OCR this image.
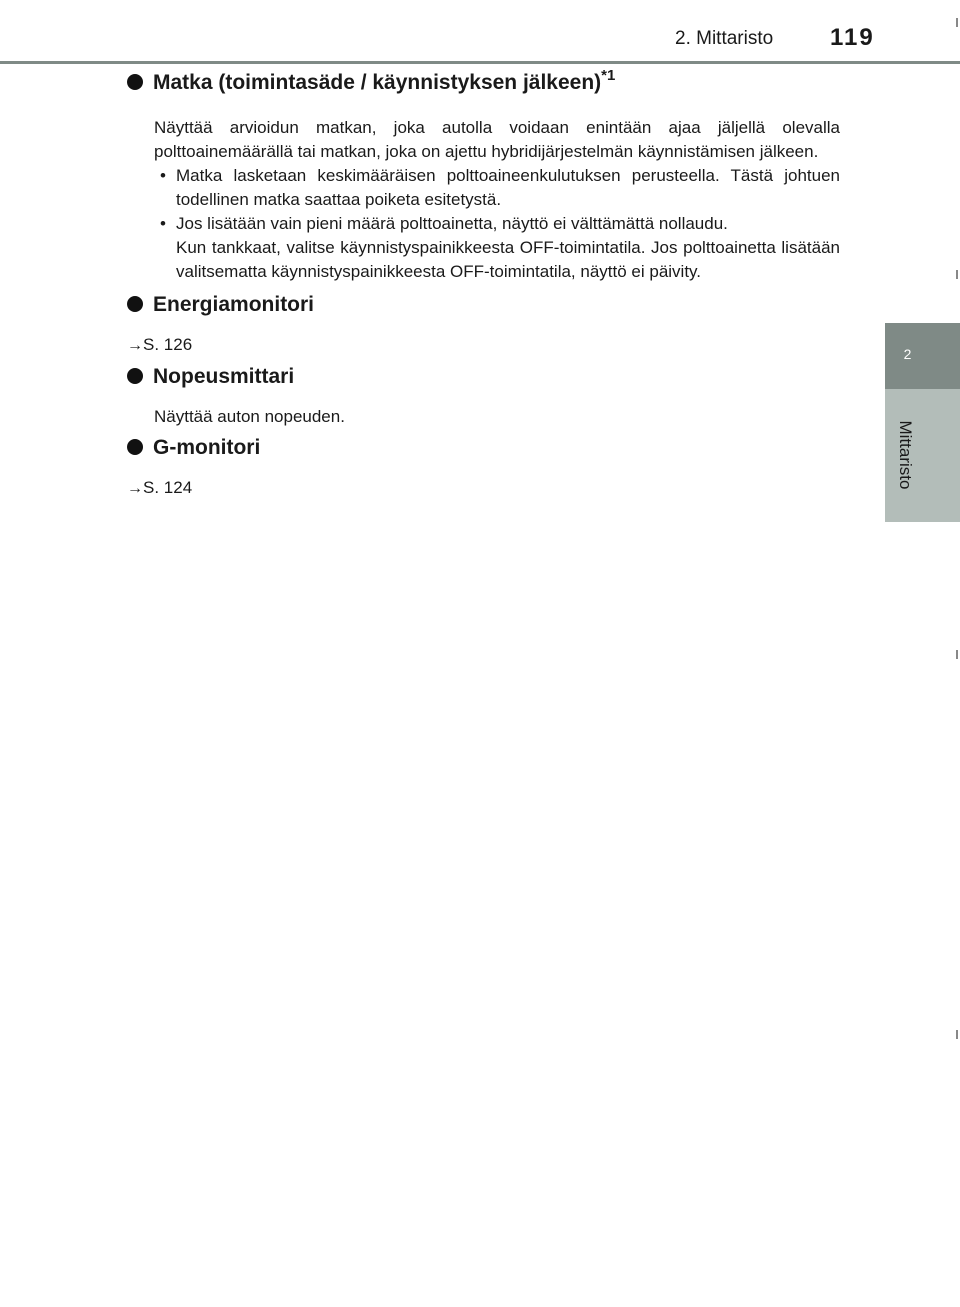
2. Mittaristo 119
2
Mittaristo
Matka (toimintasäde / käynnistyksen jälkeen) *1

Näyttää arvioidun matkan, joka autolla voidaan enintään ajaa jäljellä olevalla polttoainemäärällä tai matkan, joka on ajettu hybridijärjestelmän käynnistämisen jälkeen.

• Matka lasketaan keskimääräisen polttoaineenkulutuksen perusteella. Tästä johtuen todellinen matka saattaa poiketa esitetystä.

• Jos lisätään vain pieni määrä polttoainetta, näyttö ei välttämättä nollaudu.

Kun tankkaat, valitse käynnistyspainikkeesta OFF-toimintatila. Jos polttoainetta lisätään valitsematta käynnistyspainikkeesta OFF-toimintatila, näyttö ei päivity.

Energiamonitori

→S. 126

Nopeusmittari

Näyttää auton nopeuden.

G-monitori

→S. 124
